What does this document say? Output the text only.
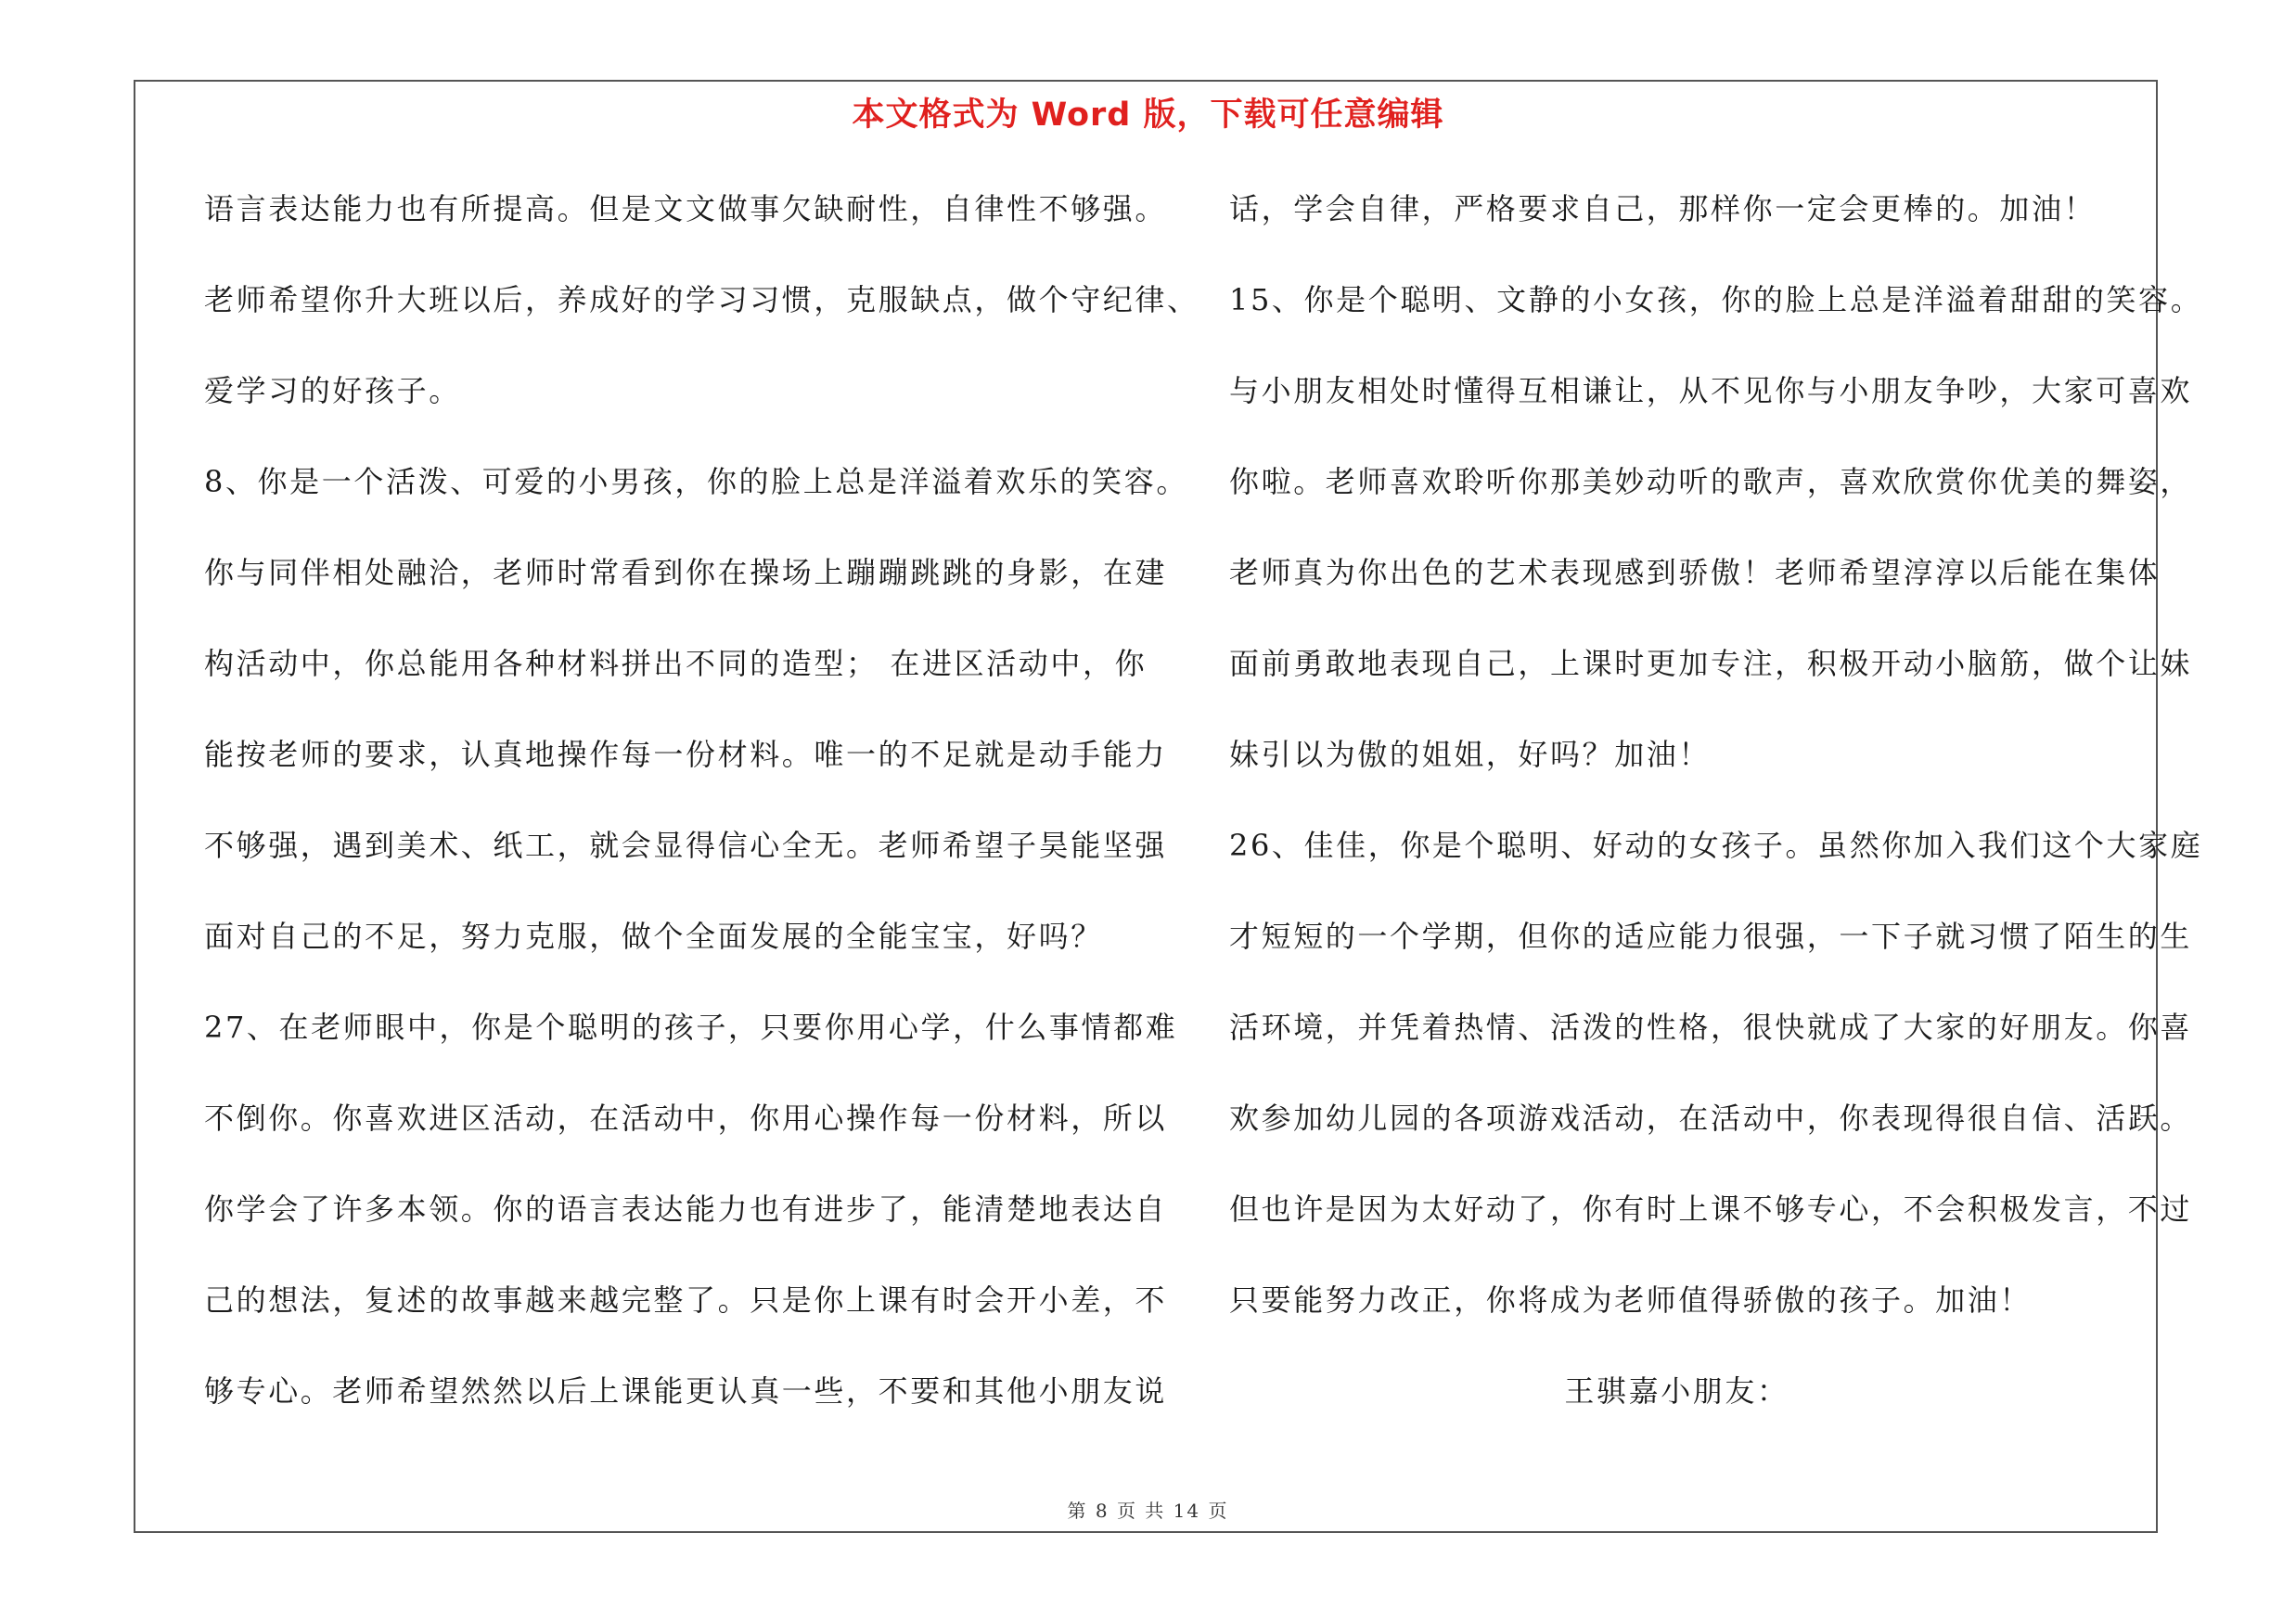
本文格式为 Word 版，下载可任意编辑
语言表达能力也有所提高。但是文文做事欠缺耐性，自律性不够强。
老师希望你升大班以后，养成好的学习习惯，克服缺点，做个守纪律、
爱学习的好孩子。
8、你是一个活泼、可爱的小男孩，你的脸上总是洋溢着欢乐的笑容。
你与同伴相处融洽，老师时常看到你在操场上蹦蹦跳跳的身影，在建
构活动中，你总能用各种材料拼出不同的造型； 在进区活动中，你
能按老师的要求，认真地操作每一份材料。唯一的不足就是动手能力
不够强，遇到美术、纸工，就会显得信心全无。老师希望子昊能坚强
面对自己的不足，努力克服，做个全面发展的全能宝宝，好吗？
27、在老师眼中，你是个聪明的孩子，只要你用心学，什么事情都难
不倒你。你喜欢进区活动，在活动中，你用心操作每一份材料，所以
你学会了许多本领。你的语言表达能力也有进步了，能清楚地表达自
己的想法，复述的故事越来越完整了。只是你上课有时会开小差，不
够专心。老师希望然然以后上课能更认真一些，不要和其他小朋友说
话，学会自律，严格要求自己，那样你一定会更棒的。加油！
15、你是个聪明、文静的小女孩，你的脸上总是洋溢着甜甜的笑容。
与小朋友相处时懂得互相谦让，从不见你与小朋友争吵，大家可喜欢
你啦。老师喜欢聆听你那美妙动听的歌声，喜欢欣赏你优美的舞姿，
老师真为你出色的艺术表现感到骄傲！老师希望淳淳以后能在集体
面前勇敢地表现自己，上课时更加专注，积极开动小脑筋，做个让妹
妹引以为傲的姐姐，好吗？加油！
26、佳佳，你是个聪明、好动的女孩子。虽然你加入我们这个大家庭
才短短的一个学期，但你的适应能力很强，一下子就习惯了陌生的生
活环境，并凭着热情、活泼的性格，很快就成了大家的好朋友。你喜
欢参加幼儿园的各项游戏活动，在活动中，你表现得很自信、活跃。
但也许是因为太好动了，你有时上课不够专心，不会积极发言，不过
只要能努力改正，你将成为老师值得骄傲的孩子。加油！
王骐嘉小朋友：
第 8 页 共 14 页
